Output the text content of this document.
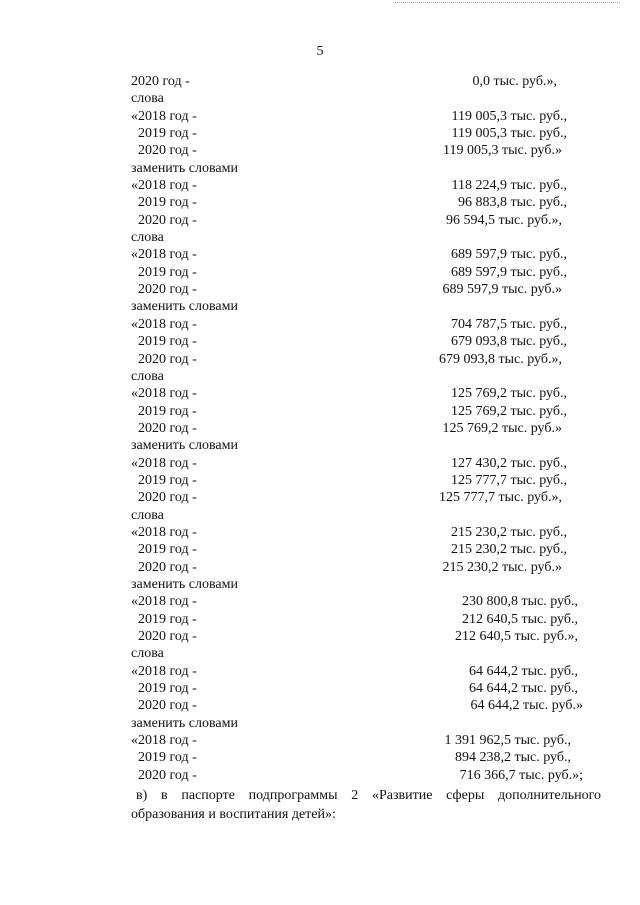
5
2020 год -	0,0 тыс. руб.»,
слова
«2018 год -	119 005,3 тыс. руб.,
2019 год -	119 005,3 тыс. руб.,
2020 год -	119 005,3 тыс. руб.»
заменить словами
«2018 год -	118 224,9 тыс. руб.,
2019 год -	96 883,8 тыс. руб.,
2020 год -	96 594,5 тыс. руб.»,
слова
«2018 год -	689 597,9 тыс. руб.,
2019 год -	689 597,9 тыс. руб.,
2020 год -	689 597,9 тыс. руб.»
заменить словами
«2018 год -	704 787,5 тыс. руб.,
2019 год -	679 093,8 тыс. руб.,
2020 год -	679 093,8 тыс. руб.»,
слова
«2018 год -	125 769,2 тыс. руб.,
2019 год -	125 769,2 тыс. руб.,
2020 год -	125 769,2 тыс. руб.»
заменить словами
«2018 год -	127 430,2 тыс. руб.,
2019 год -	125 777,7 тыс. руб.,
2020 год -	125 777,7 тыс. руб.»,
слова
«2018 год -	215 230,2 тыс. руб.,
2019 год -	215 230,2 тыс. руб.,
2020 год -	215 230,2 тыс. руб.»
заменить словами
«2018 год -	230 800,8 тыс. руб.,
2019 год -	212 640,5 тыс. руб.,
2020 год -	212 640,5 тыс. руб.»,
слова
«2018 год -	64 644,2 тыс. руб.,
2019 год -	64 644,2 тыс. руб.,
2020 год -	64 644,2 тыс. руб.»
заменить словами
«2018 год -	1 391 962,5 тыс. руб.,
2019 год -	894 238,2 тыс. руб.,
2020 год -	716 366,7 тыс. руб.»;
в) в паспорте подпрограммы 2 «Развитие сферы дополнительного
образования и воспитания детей»:
